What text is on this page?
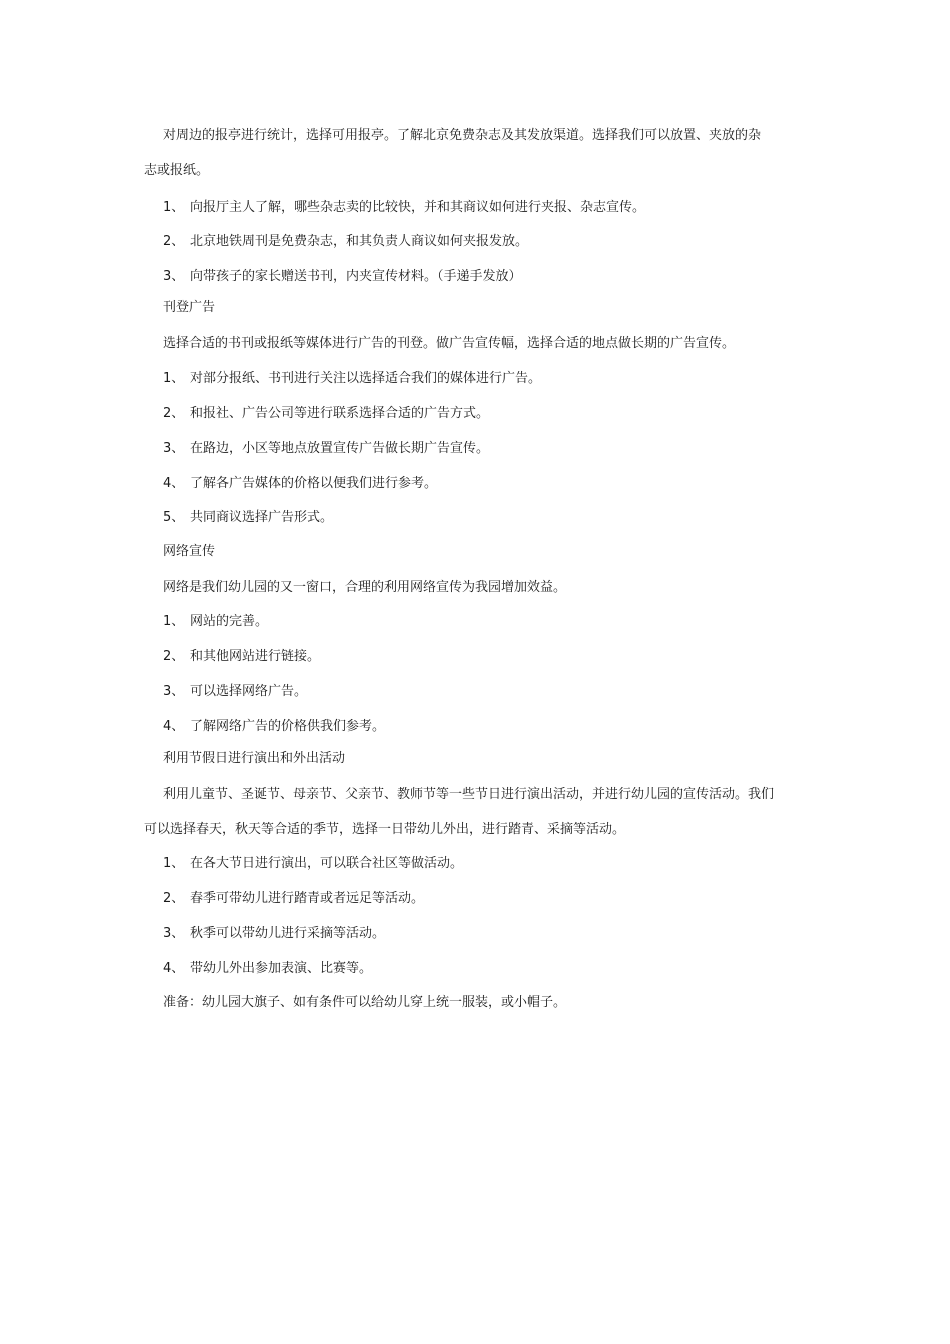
对周边的报亭进行统计，选择可用报亭。了解北京免费杂志及其发放渠道。选择我们可以放置、夹放的杂
志或报纸。
1、 向报厅主人了解，哪些杂志卖的比较快，并和其商议如何进行夹报、杂志宣传。
2、 北京地铁周刊是免费杂志，和其负责人商议如何夹报发放。
3、 向带孩子的家长赠送书刊，内夹宣传材料。（手递手发放）
刊登广告
选择合适的书刊或报纸等媒体进行广告的刊登。做广告宣传幅，选择合适的地点做长期的广告宣传。
1、 对部分报纸、书刊进行关注以选择适合我们的媒体进行广告。
2、 和报社、广告公司等进行联系选择合适的广告方式。
3、 在路边，小区等地点放置宣传广告做长期广告宣传。
4、 了解各广告媒体的价格以便我们进行参考。
5、 共同商议选择广告形式。
网络宣传
网络是我们幼儿园的又一窗口，合理的利用网络宣传为我园增加效益。
1、 网站的完善。
2、 和其他网站进行链接。
3、 可以选择网络广告。
4、 了解网络广告的价格供我们参考。
利用节假日进行演出和外出活动
利用儿童节、圣诞节、母亲节、父亲节、教师节等一些节日进行演出活动，并进行幼儿园的宣传活动。我们
可以选择春天，秋天等合适的季节，选择一日带幼儿外出，进行踏青、采摘等活动。
1、 在各大节日进行演出，可以联合社区等做活动。
2、 春季可带幼儿进行踏青或者远足等活动。
3、 秋季可以带幼儿进行采摘等活动。
4、 带幼儿外出参加表演、比赛等。
准备：幼儿园大旗子、如有条件可以给幼儿穿上统一服装，或小帽子。
